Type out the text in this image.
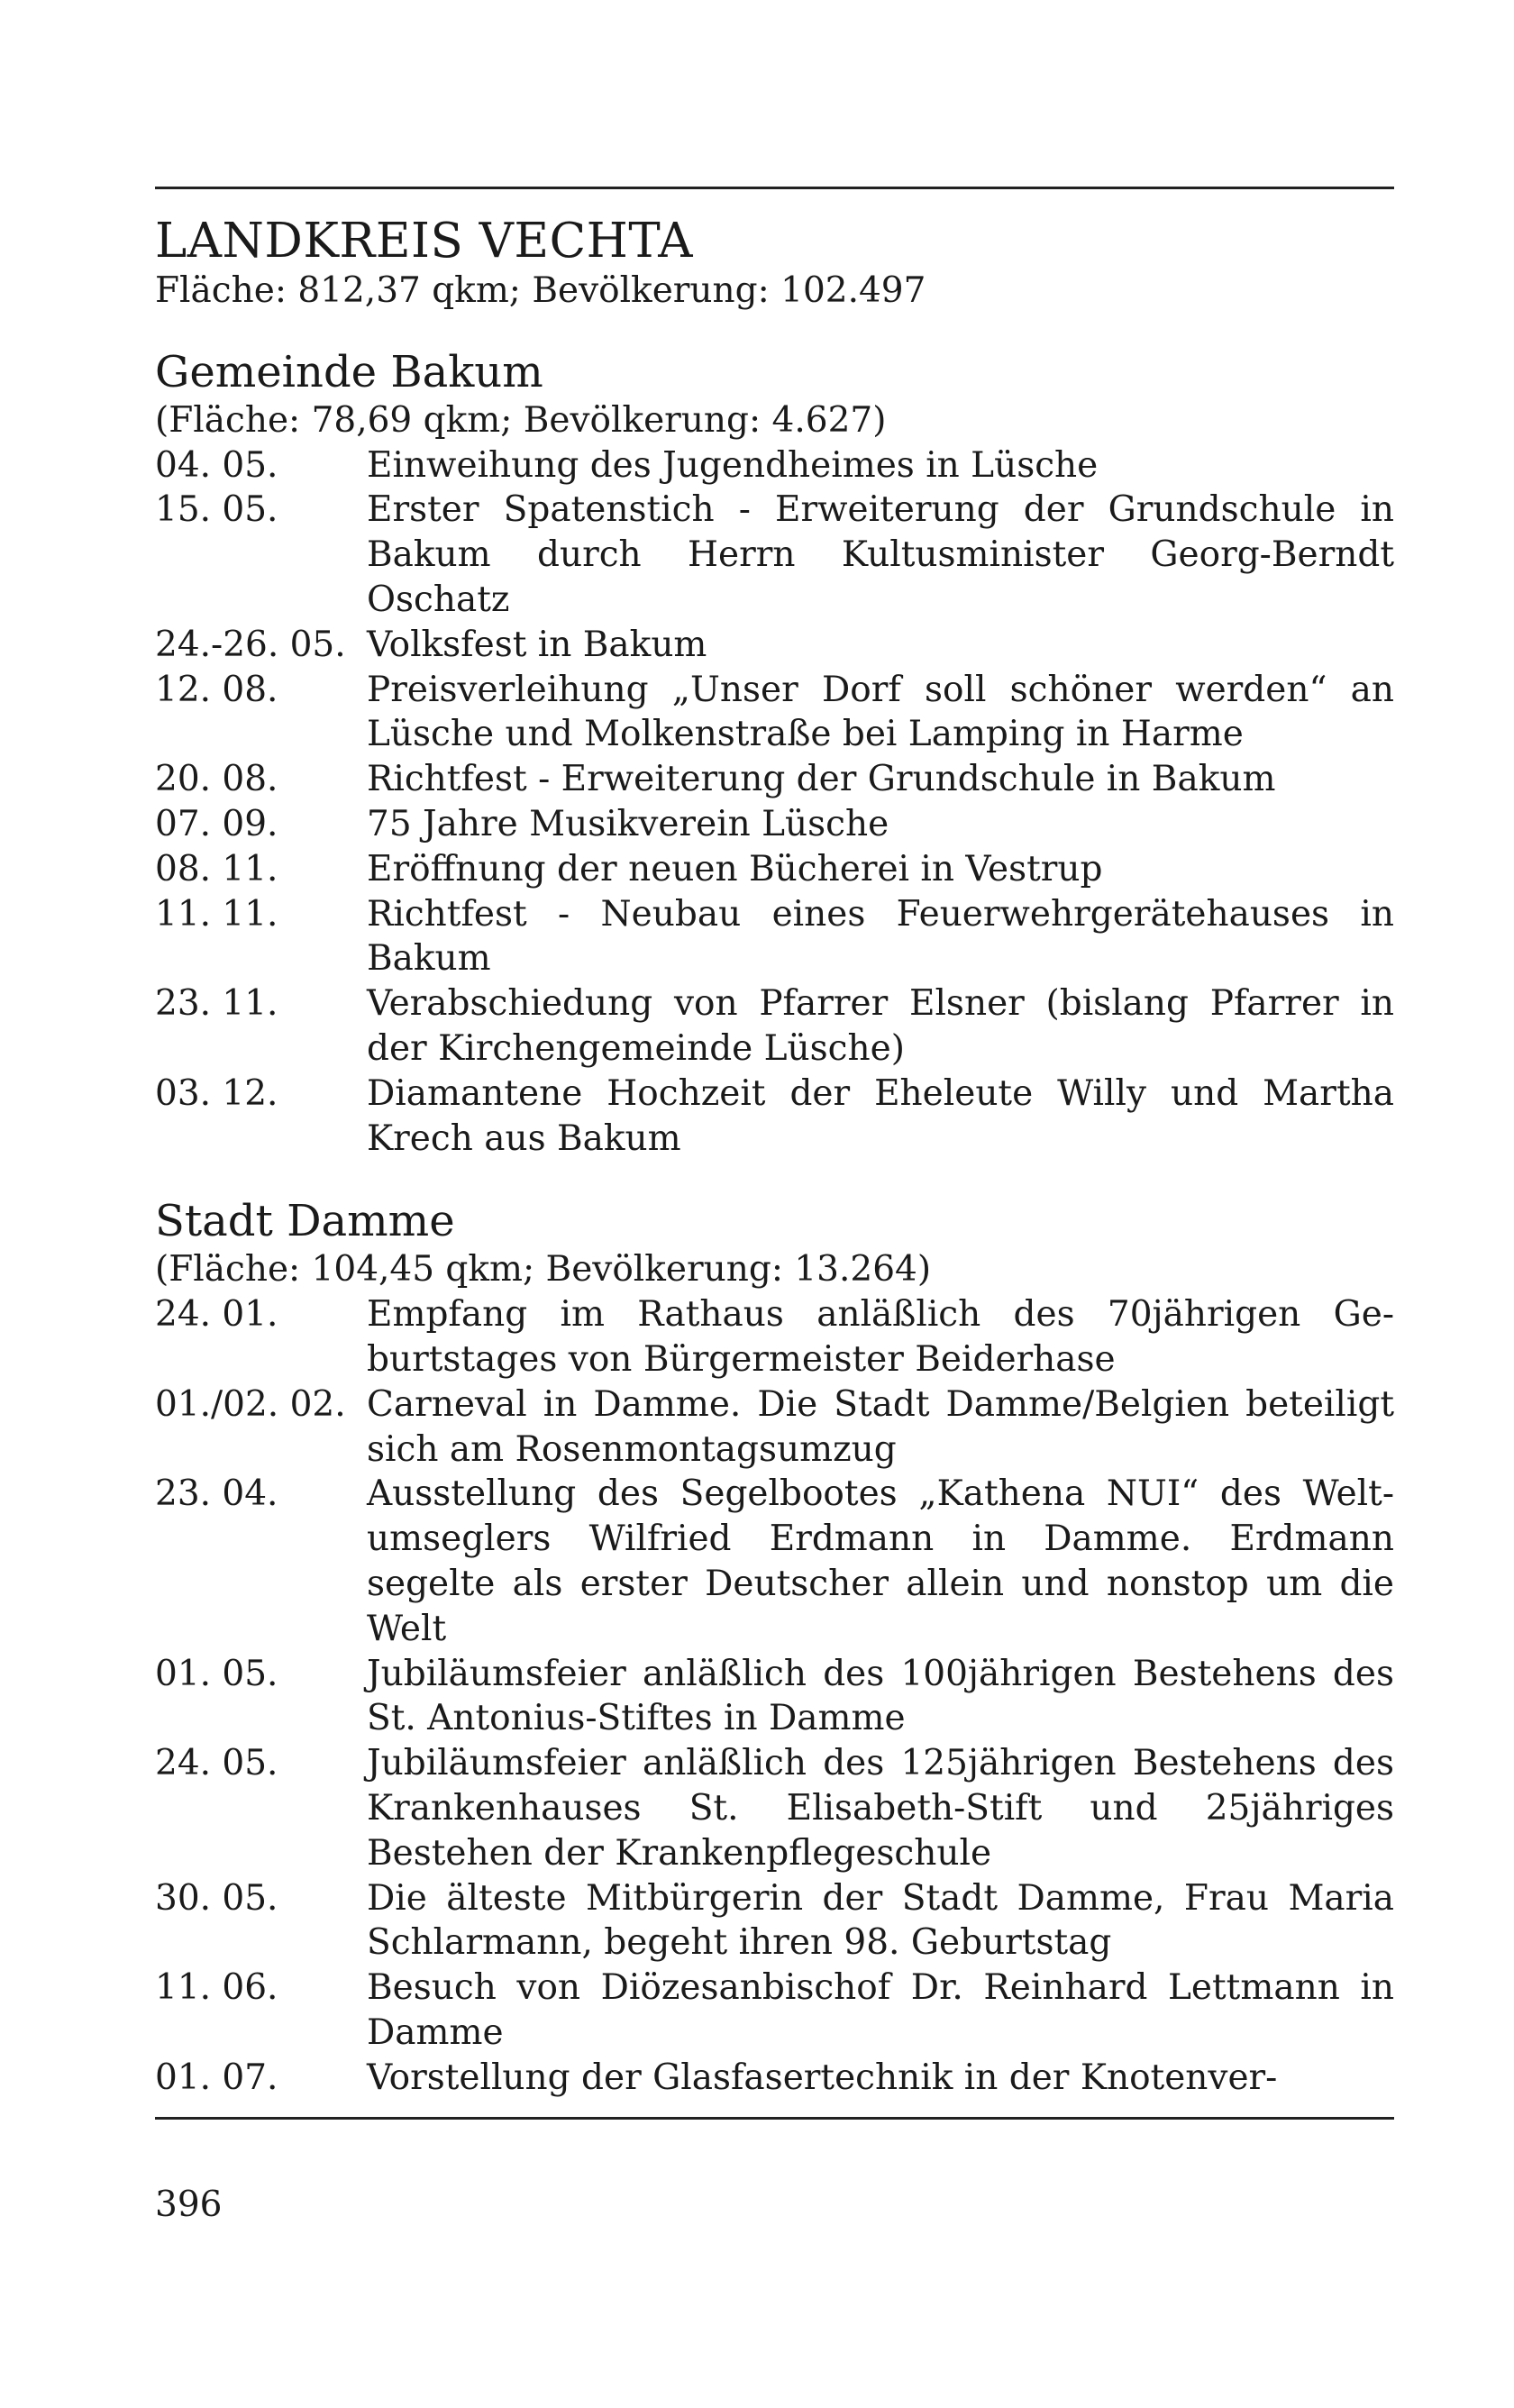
LANDKREIS VECHTA
Fläche: 812,37 qkm; Bevölkerung: 102.497
Gemeinde Bakum
(Fläche: 78,69 qkm; Bevölkerung: 4.627)
04. 05.	Einweihung des Jugendheimes in Lüsche
15. 05.	Erster Spatenstich - Erweiterung der Grundschule in Bakum durch Herrn Kultusminister Georg-Berndt Oschatz
24.-26. 05. Volksfest in Bakum
12. 08.	Preisverleihung „Unser Dorf soll schöner werden“ an Lüsche und Molkenstraße bei Lamping in Harme
20. 08.	Richtfest - Erweiterung der Grundschule in Bakum
07. 09.	75 Jahre Musikverein Lüsche
08. 11.	Eröffnung der neuen Bücherei in Vestrup
11. 11.	Richtfest - Neubau eines Feuerwehrgerätehauses in Bakum
23. 11.	Verabschiedung von Pfarrer Elsner (bislang Pfarrer in der Kirchengemeinde Lüsche)
03. 12.	Diamantene Hochzeit der Eheleute Willy und Martha Krech aus Bakum
Stadt Damme
(Fläche: 104,45 qkm; Bevölkerung: 13.264)
24. 01.	Empfang im Rathaus anläßlich des 70jährigen Geburtstages von Bürgermeister Beiderhase
01./02. 02. Carneval in Damme. Die Stadt Damme/Belgien beteiligt sich am Rosenmontagsumzug
23. 04.	Ausstellung des Segelbootes „Kathena NUI“ des Weltumseglers Wilfried Erdmann in Damme. Erdmann segelte als erster Deutscher allein und nonstop um die Welt
01. 05.	Jubiläumsfeier anläßlich des 100jährigen Bestehens des St. Antonius-Stiftes in Damme
24. 05.	Jubiläumsfeier anläßlich des 125jährigen Bestehens des Krankenhauses St. Elisabeth-Stift und 25jähriges Bestehen der Krankenpflegeschule
30. 05.	Die älteste Mitbürgerin der Stadt Damme, Frau Maria Schlarmann, begeht ihren 98. Geburtstag
11. 06.	Besuch von Diözesanbischof Dr. Reinhard Lettmann in Damme
01. 07.	Vorstellung der Glasfasertechnik in der Knotenver-
396
